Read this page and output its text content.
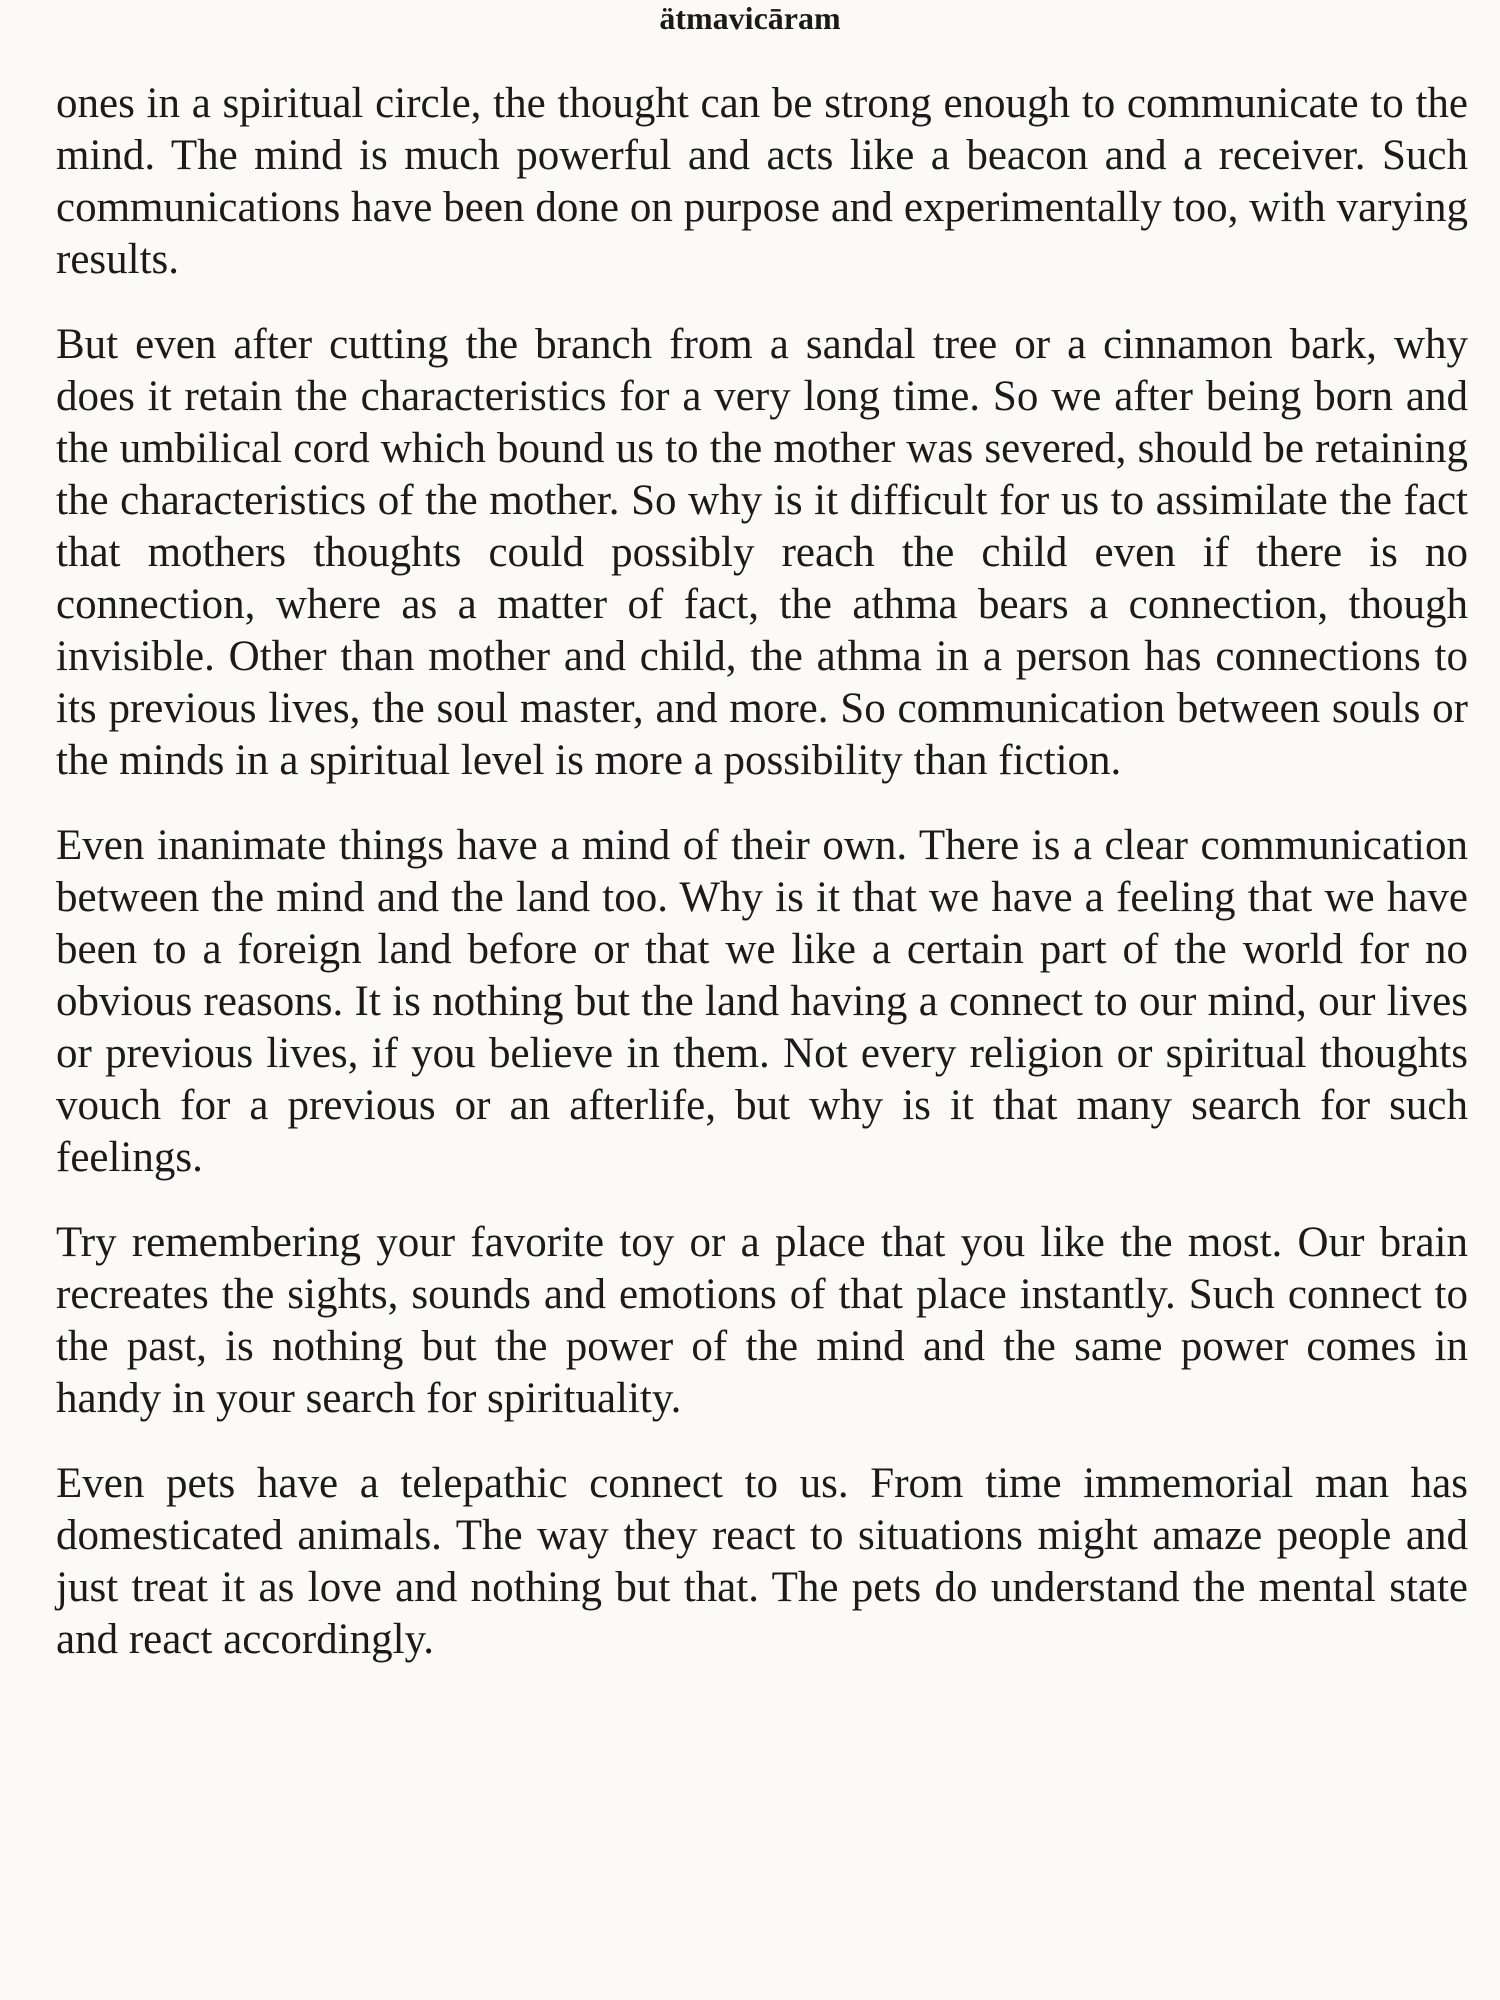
ätmavicāram

ones in a spiritual circle, the thought can be strong enough to communicate to the mind. The mind is much powerful and acts like a beacon and a receiver. Such communications have been done on purpose and experimentally too, with varying results.

But even after cutting the branch from a sandal tree or a cinnamon bark, why does it retain the characteristics for a very long time. So we after being born and the umbilical cord which bound us to the mother was severed, should be retaining the characteristics of the mother. So why is it difficult for us to assimilate the fact that mothers thoughts could possibly reach the child even if there is no connection, where as a matter of fact, the athma bears a connection, though invisible. Other than mother and child, the athma in a person has connections to its previous lives, the soul master, and more. So communication between souls or the minds in a spiritual level is more a possibility than fiction.

Even inanimate things have a mind of their own. There is a clear communication between the mind and the land too. Why is it that we have a feeling that we have been to a foreign land before or that we like a certain part of the world for no obvious reasons. It is nothing but the land having a connect to our mind, our lives or previous lives, if you believe in them. Not every religion or spiritual thoughts vouch for a previous or an afterlife, but why is it that many search for such feelings.

Try remembering your favorite toy or a place that you like the most. Our brain recreates the sights, sounds and emotions of that place instantly. Such connect to the past, is nothing but the power of the mind and the same power comes in handy in your search for spirituality.

Even pets have a telepathic connect to us. From time immemorial man has domesticated animals. The way they react to situations might amaze people and just treat it as love and nothing but that. The pets do understand the mental state and react accordingly.
